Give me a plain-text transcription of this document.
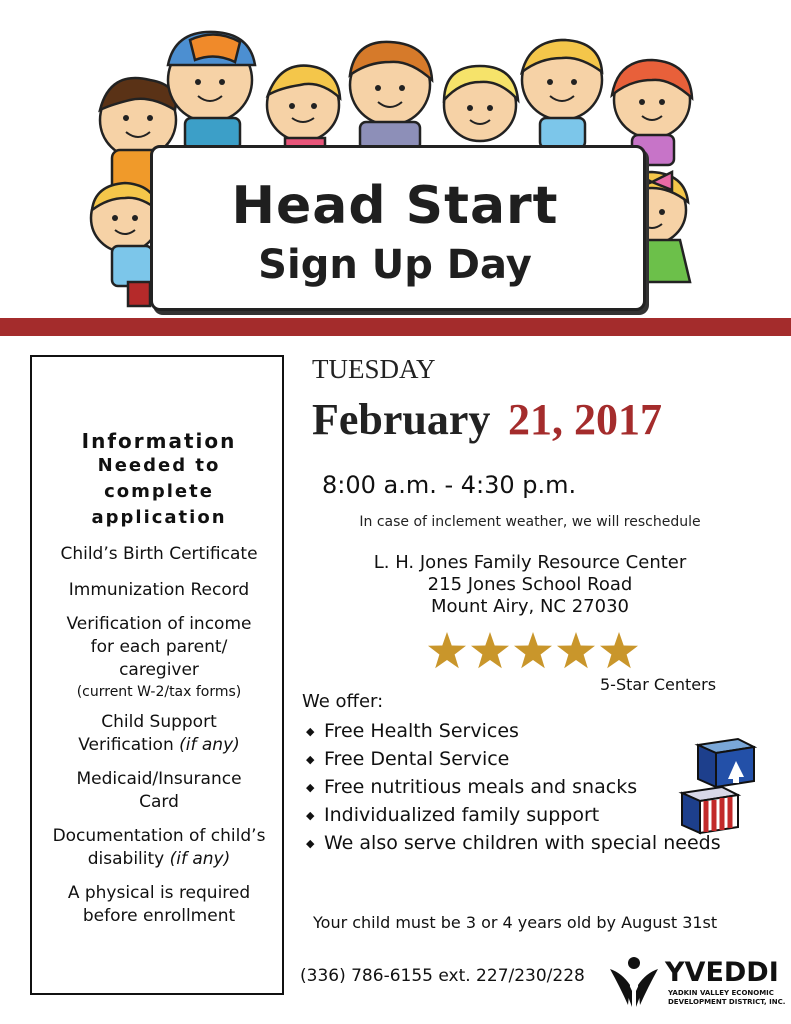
Head Start
Sign Up Day
Information
Needed to
complete
application
Child’s Birth Certificate
Immunization Record
Verification of income
for each parent/
caregiver
(current W-2/tax forms)
Child Support
Verification (if any)
Medicaid/Insurance
Card
Documentation of child’s
disability (if any)
A physical is required
before enrollment
TUESDAY
February 21, 2017
8:00 a.m. - 4:30 p.m.
In case of inclement weather, we will reschedule
L. H. Jones Family Resource Center
215 Jones School Road
Mount Airy, NC 27030
5-Star Centers
We offer:
◆ Free Health Services
◆ Free Dental Service
◆ Free nutritious meals and snacks
◆ Individualized family support
◆ We also serve children with special needs
Your child must be 3 or 4 years old by August 31st
(336) 786-6155 ext. 227/230/228	YVEDDI
YADKIN VALLEY ECONOMIC
DEVELOPMENT DISTRICT, INC.
